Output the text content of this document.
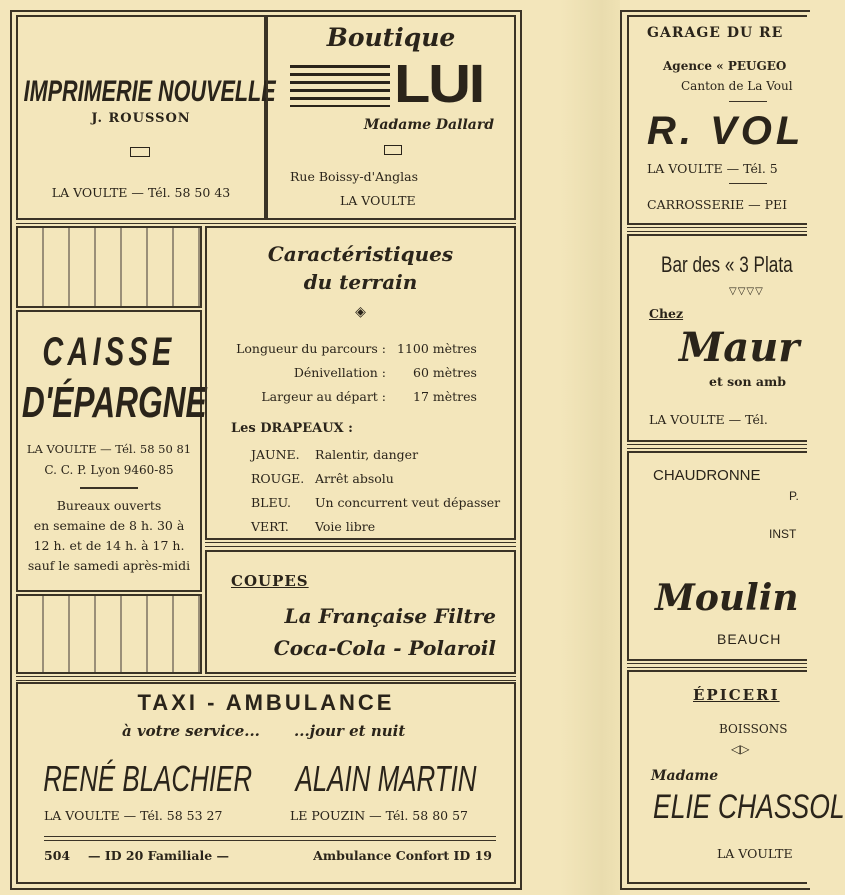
IMPRIMERIE NOUVELLE
J. ROUSSON
LA VOULTE — Tél. 58 50 43
Boutique
LUI
Madame Dallard
Rue Boissy-d'Anglas
LA VOULTE
CAISSE
D'ÉPARGNE
LA VOULTE — Tél. 58 50 81
C. C. P. Lyon 9460-85
Bureaux ouverts
en semaine de 8 h. 30 à
12 h. et de 14 h. à 17 h.
sauf le samedi après-midi
Caractéristiques
du terrain
◈
Longueur du parcours : 1100 mètres
Dénivellation : 60 mètres
Largeur au départ : 17 mètres
Les DRAPEAUX :
JAUNE. Ralentir, danger
ROUGE. Arrêt absolu
BLEU. Un concurrent veut dépasser
VERT. Voie libre
COUPES
La Française Filtre
Coca-Cola - Polaroil
TAXI - AMBULANCE
à votre service... ...jour et nuit
RENÉ BLACHIER ALAIN MARTIN
LA VOULTE — Tél. 58 53 27	LE POUZIN — Tél. 58 80 57
504 — ID 20 Familiale —	Ambulance Confort ID 19
GARAGE DU RE
Agence « PEUGEO
Canton de La Voul
R. VOL
LA VOULTE — Tél. 5
CARROSSERIE — PEI
Bar des « 3 Plata
▽▽▽▽
Chez
Maur
et son amb
LA VOULTE — Tél.
CHAUDRONNE
P.
INST
Moulin
BEAUCH
ÉPICERI
BOISSONS
◁▷
Madame
ELIE CHASSOL
LA VOULTE
